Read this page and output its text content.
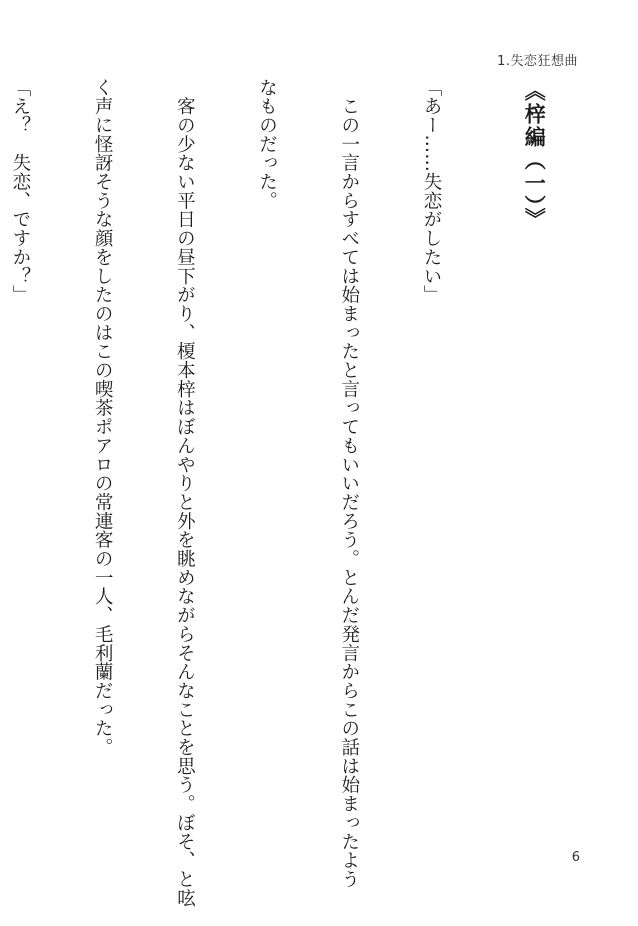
1.失恋狂想曲

《梓編（一）》

「あー……失恋がしたい」

　この一言からすべては始まったと言ってもいいだろう。とんだ発言からこの話は始まったよう

なものだった。

　客の少ない平日の昼下がり、榎本梓はぼんやりと外を眺めながらそんなことを思う。ぼそ、と呟

く声に怪訝そうな顔をしたのはこの喫茶ポアロの常連客の一人、毛利蘭だった。

「え？　失恋、ですか？」

6
